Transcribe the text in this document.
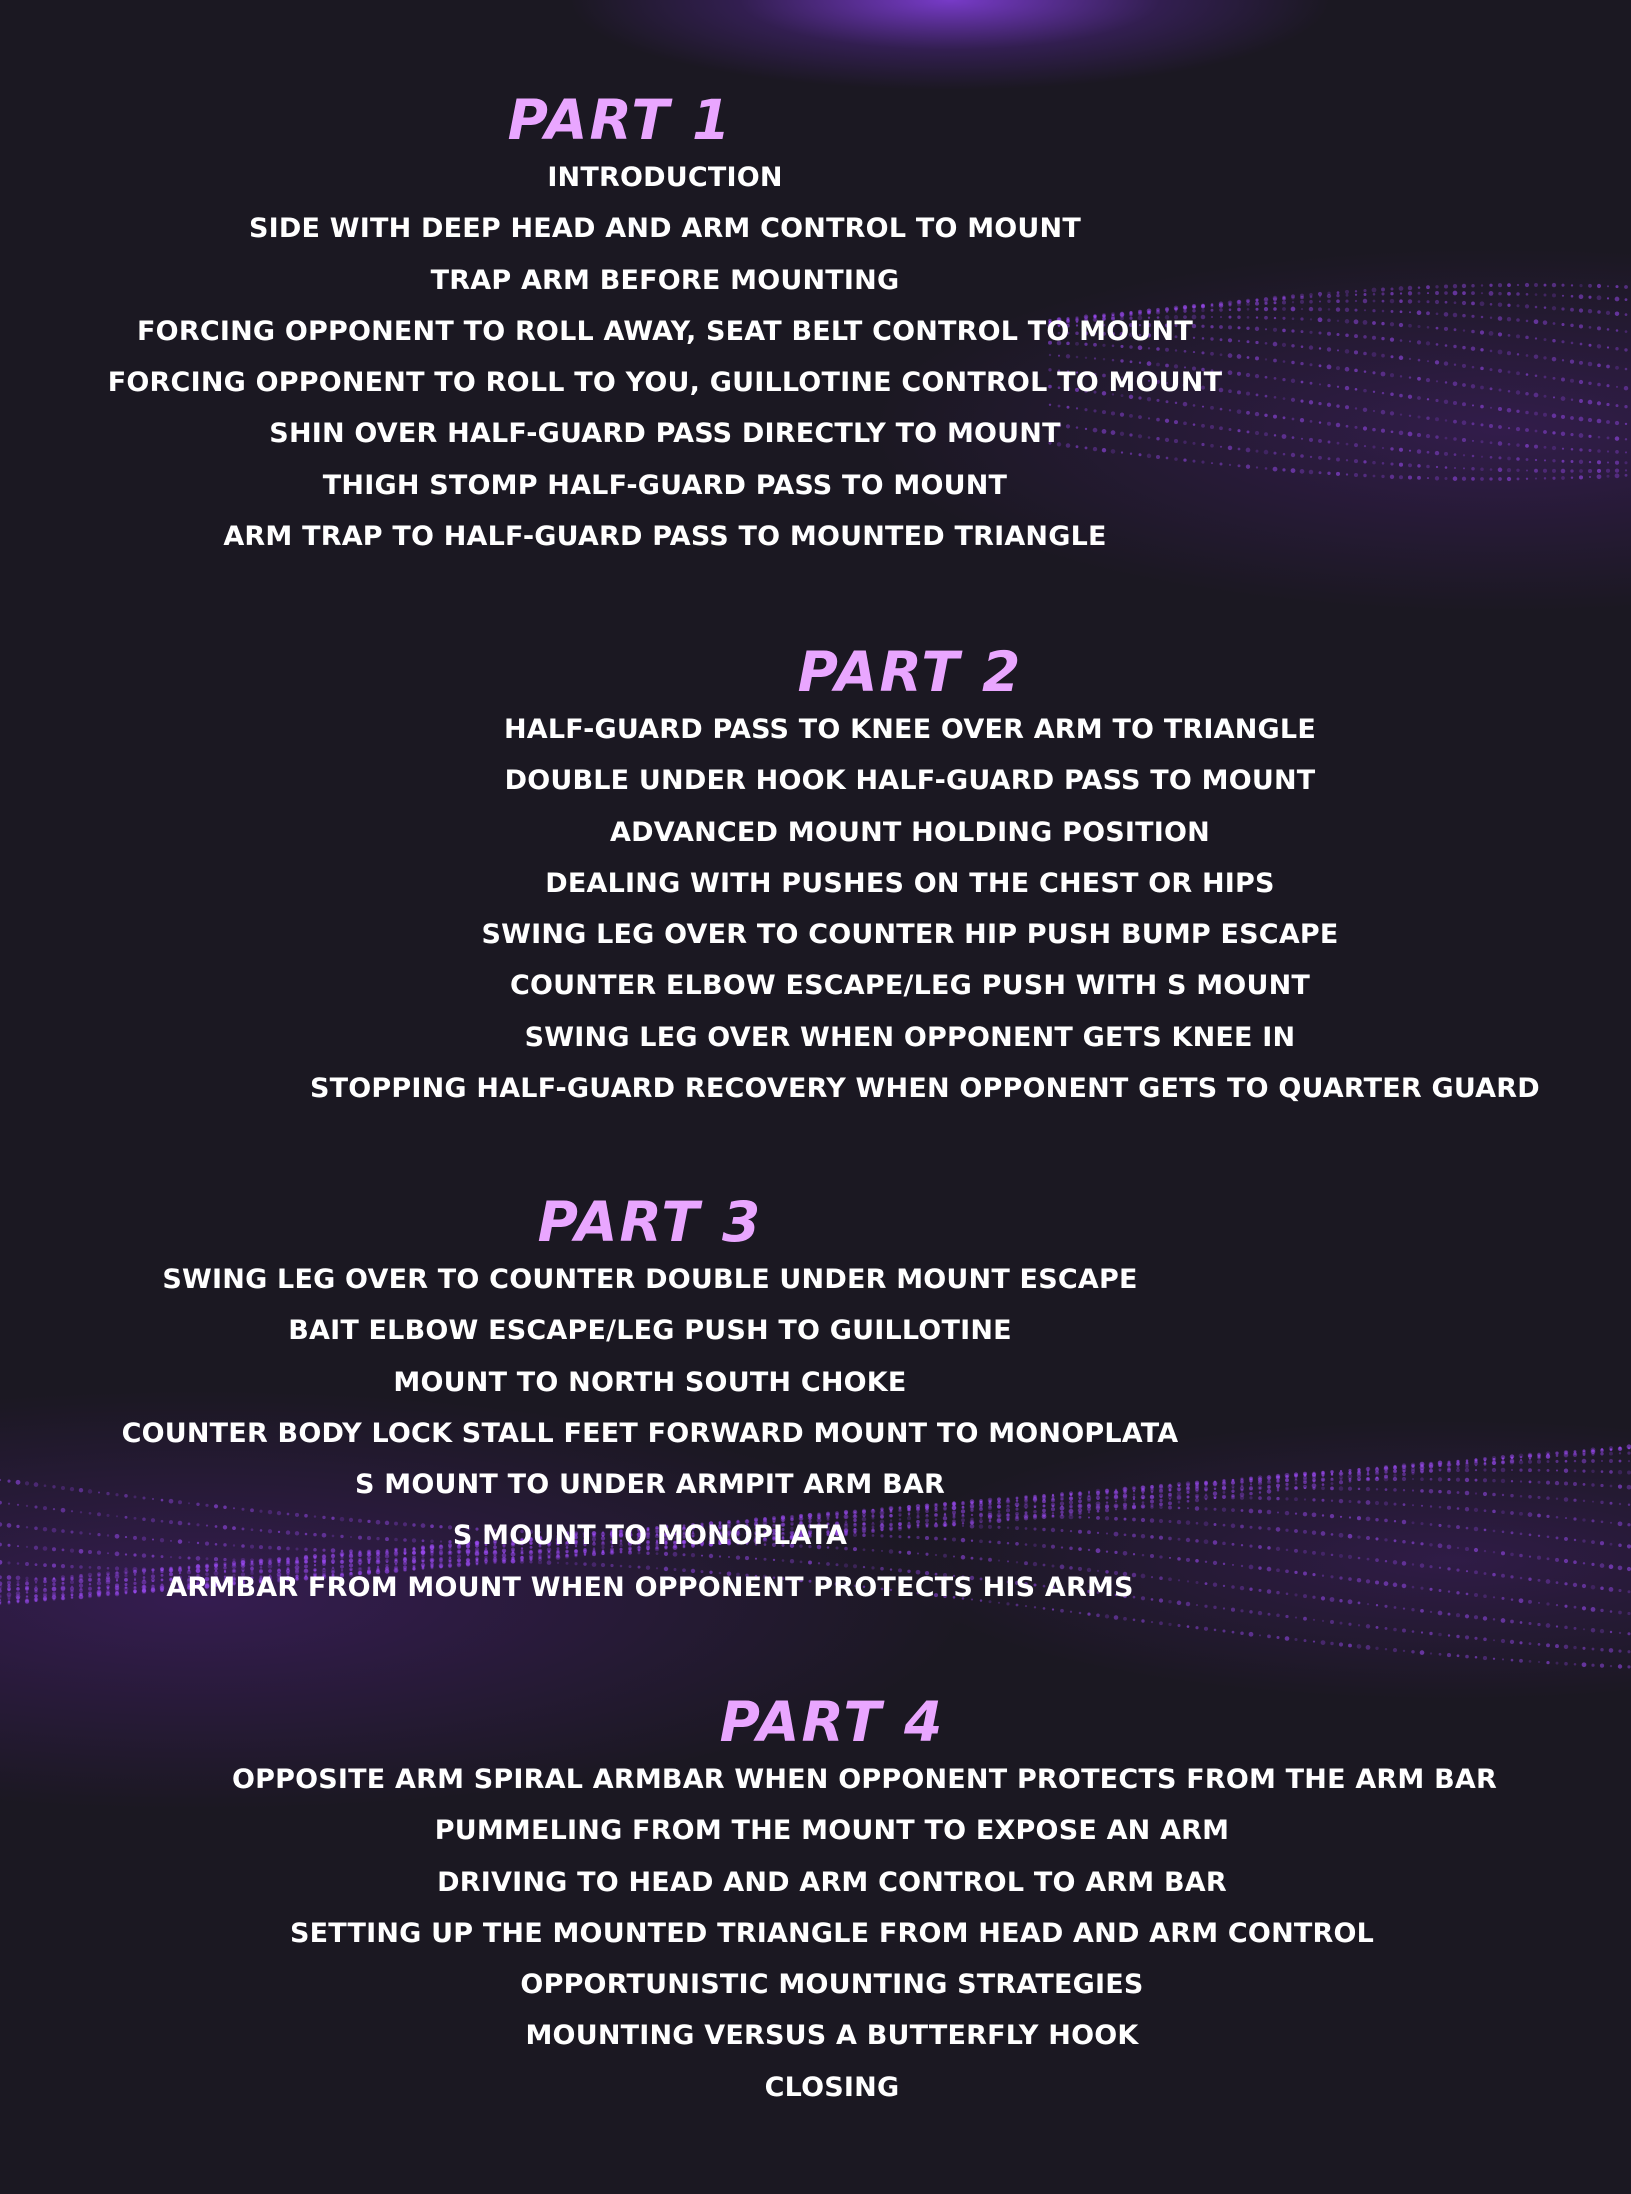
PART 1
INTRODUCTION
SIDE WITH DEEP HEAD AND ARM CONTROL TO MOUNT
TRAP ARM BEFORE MOUNTING
FORCING OPPONENT TO ROLL AWAY, SEAT BELT CONTROL TO MOUNT
FORCING OPPONENT TO ROLL TO YOU, GUILLOTINE CONTROL TO MOUNT
SHIN OVER HALF-GUARD PASS DIRECTLY TO MOUNT
THIGH STOMP HALF-GUARD PASS TO MOUNT
ARM TRAP TO HALF-GUARD PASS TO MOUNTED TRIANGLE
PART 2
HALF-GUARD PASS TO KNEE OVER ARM TO TRIANGLE
DOUBLE UNDER HOOK HALF-GUARD PASS TO MOUNT
ADVANCED MOUNT HOLDING POSITION
DEALING WITH PUSHES ON THE CHEST OR HIPS
SWING LEG OVER TO COUNTER HIP PUSH BUMP ESCAPE
COUNTER ELBOW ESCAPE/LEG PUSH WITH S MOUNT
SWING LEG OVER WHEN OPPONENT GETS KNEE IN
STOPPING HALF-GUARD RECOVERY WHEN OPPONENT GETS TO QUARTER GUARD
PART 3
SWING LEG OVER TO COUNTER DOUBLE UNDER MOUNT ESCAPE
BAIT ELBOW ESCAPE/LEG PUSH TO GUILLOTINE
MOUNT TO NORTH SOUTH CHOKE
COUNTER BODY LOCK STALL FEET FORWARD MOUNT TO MONOPLATA
S MOUNT TO UNDER ARMPIT ARM BAR
S MOUNT TO MONOPLATA
ARMBAR FROM MOUNT WHEN OPPONENT PROTECTS HIS ARMS
PART 4
OPPOSITE ARM SPIRAL ARMBAR WHEN OPPONENT PROTECTS FROM THE ARM BAR
PUMMELING FROM THE MOUNT TO EXPOSE AN ARM
DRIVING TO HEAD AND ARM CONTROL TO ARM BAR
SETTING UP THE MOUNTED TRIANGLE FROM HEAD AND ARM CONTROL
OPPORTUNISTIC MOUNTING STRATEGIES
MOUNTING VERSUS A BUTTERFLY HOOK
CLOSING
